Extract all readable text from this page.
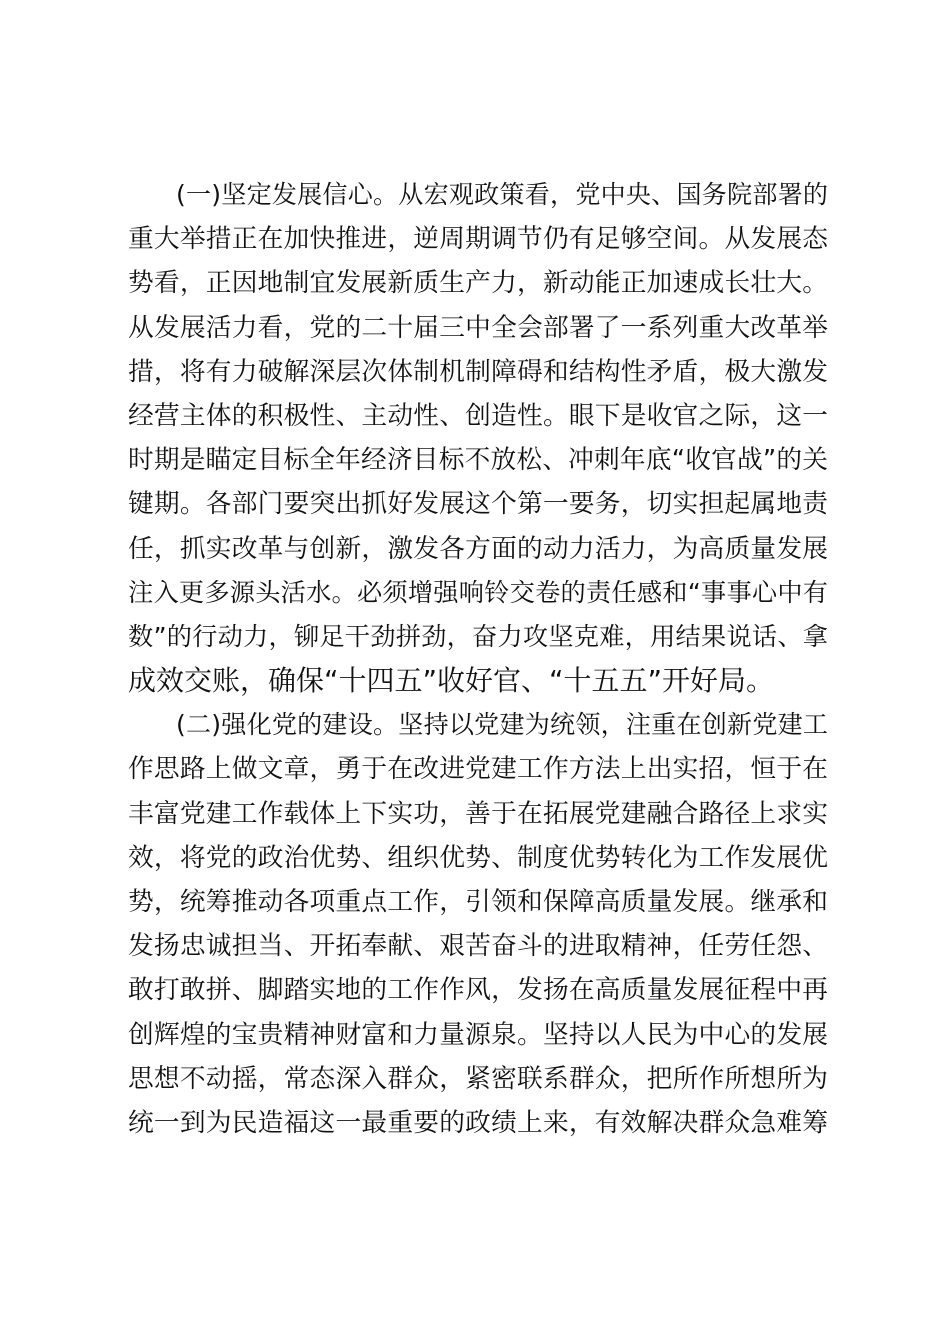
(一)坚定发展信心。从宏观政策看，党中央、国务院部署的
重大举措正在加快推进，逆周期调节仍有足够空间。从发展态
势看，正因地制宜发展新质生产力，新动能正加速成长壮大。
从发展活力看，党的二十届三中全会部署了一系列重大改革举
措，将有力破解深层次体制机制障碍和结构性矛盾，极大激发
经营主体的积极性、主动性、创造性。眼下是收官之际，这一
时期是瞄定目标全年经济目标不放松、冲刺年底“收官战”的关
键期。各部门要突出抓好发展这个第一要务，切实担起属地责
任，抓实改革与创新，激发各方面的动力活力，为高质量发展
注入更多源头活水。必须增强响铃交卷的责任感和“事事心中有
数”的行动力，铆足干劲拼劲，奋力攻坚克难，用结果说话、拿
成效交账，确保“十四五”收好官、“十五五”开好局。
(二)强化党的建设。坚持以党建为统领，注重在创新党建工
作思路上做文章，勇于在改进党建工作方法上出实招，恒于在
丰富党建工作载体上下实功，善于在拓展党建融合路径上求实
效，将党的政治优势、组织优势、制度优势转化为工作发展优
势，统筹推动各项重点工作，引领和保障高质量发展。继承和
发扬忠诚担当、开拓奉献、艰苦奋斗的进取精神，任劳任怨、
敢打敢拼、脚踏实地的工作作风，发扬在高质量发展征程中再
创辉煌的宝贵精神财富和力量源泉。坚持以人民为中心的发展
思想不动摇，常态深入群众，紧密联系群众，把所作所想所为
统一到为民造福这一最重要的政绩上来，有效解决群众急难筹
